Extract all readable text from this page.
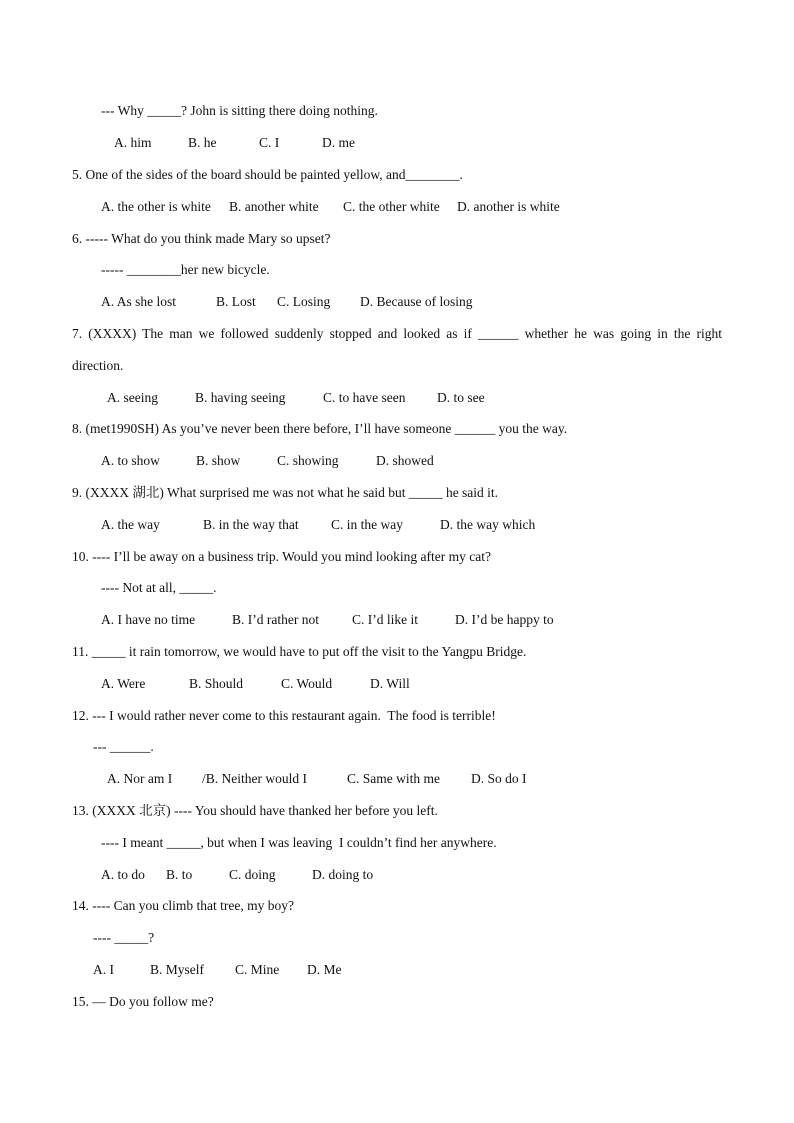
--- Why _____? John is sitting there doing nothing.
A. him	B. he	C. I	D. me
5. One of the sides of the board should be painted yellow, and________.
A. the other is white B. another white C. the other white D. another is white
6. ----- What do you think made Mary so upset?
----- ________her new bicycle.
A. As she lost	B. Lost C. Losing D. Because of losing
7. (XXXX) The man we followed suddenly stopped and looked as if ______ whether he was going in the right
direction.
A. seeing	B. having seeing	C. to have seen D. to see
8. (met1990SH) As you’ve never been there before, I’ll have someone ______ you the way.
A. to show	B. show	C. showing	D. showed
9. (XXXX 湖北) What surprised me was not what he said but _____ he said it.
A. the way	B. in the way that C. in the way	D. the way which
10. ---- I’ll be away on a business trip. Would you mind looking after my cat?
---- Not at all, _____.
A. I have no time	B. I’d rather not C. I’d like it	D. I’d be happy to
11. _____ it rain tomorrow, we would have to put off the visit to the Yangpu Bridge.
A. Were	B. Should	C. Would	D. Will
12. --- I would rather never come to this restaurant again.  The food is terrible!
--- ______.
A. Nor am I /B. Neither would I	C. Same with me D. So do I
13. (XXXX 北京) ---- You should have thanked her before you left.
---- I meant _____, but when I was leaving  I couldn’t find her anywhere.
A. to do B. to	C. doing	D. doing to
14. ---- Can you climb that tree, my boy?
---- _____?
A. I	B. Myself C. Mine D. Me
15. — Do you follow me?
